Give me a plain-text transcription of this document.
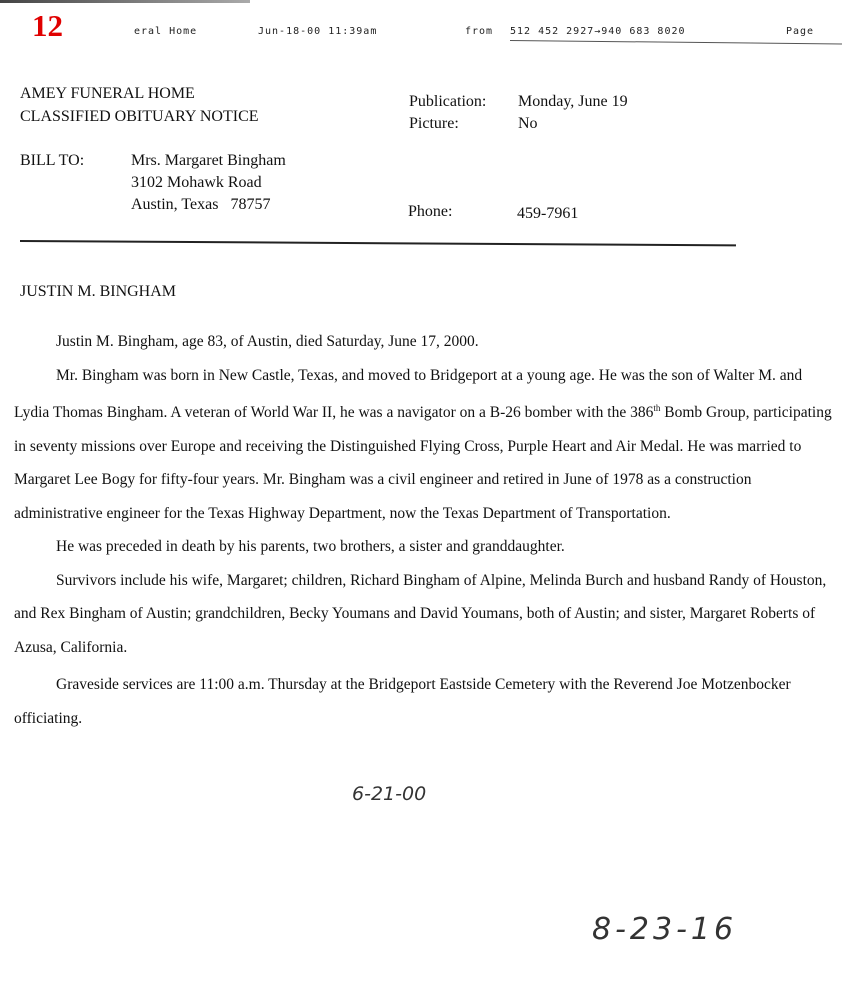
12	eral Home	Jun-18-00 11:39am	from 512 452 2927→940 683 8020	Page
AMEY FUNERAL HOME
CLASSIFIED OBITUARY NOTICE
Publication: Monday, June 19
Picture:	No
BILL TO:	Mrs. Margaret Bingham
3102 Mohawk Road
Austin, Texas   78757	Phone:	459-7961
JUSTIN M. BINGHAM

Justin M. Bingham, age 83, of Austin, died Saturday, June 17, 2000.

Mr. Bingham was born in New Castle, Texas, and moved to Bridgeport at a young age. He was the son of Walter M. and Lydia Thomas Bingham. A veteran of World War II, he was a navigator on a B-26 bomber with the 386th Bomb Group, participating in seventy missions over Europe and receiving the Distinguished Flying Cross, Purple Heart and Air Medal. He was married to Margaret Lee Bogy for fifty-four years. Mr. Bingham was a civil engineer and retired in June of 1978 as a construction administrative engineer for the Texas Highway Department, now the Texas Department of Transportation.

He was preceded in death by his parents, two brothers, a sister and granddaughter.

Survivors include his wife, Margaret; children, Richard Bingham of Alpine, Melinda Burch and husband Randy of Houston, and Rex Bingham of Austin; grandchildren, Becky Youmans and David Youmans, both of Austin; and sister, Margaret Roberts of Azusa, California.

Graveside services are 11:00 a.m. Thursday at the Bridgeport Eastside Cemetery with the Reverend Joe Motzenbocker officiating.

6-21-00
8-23-16
